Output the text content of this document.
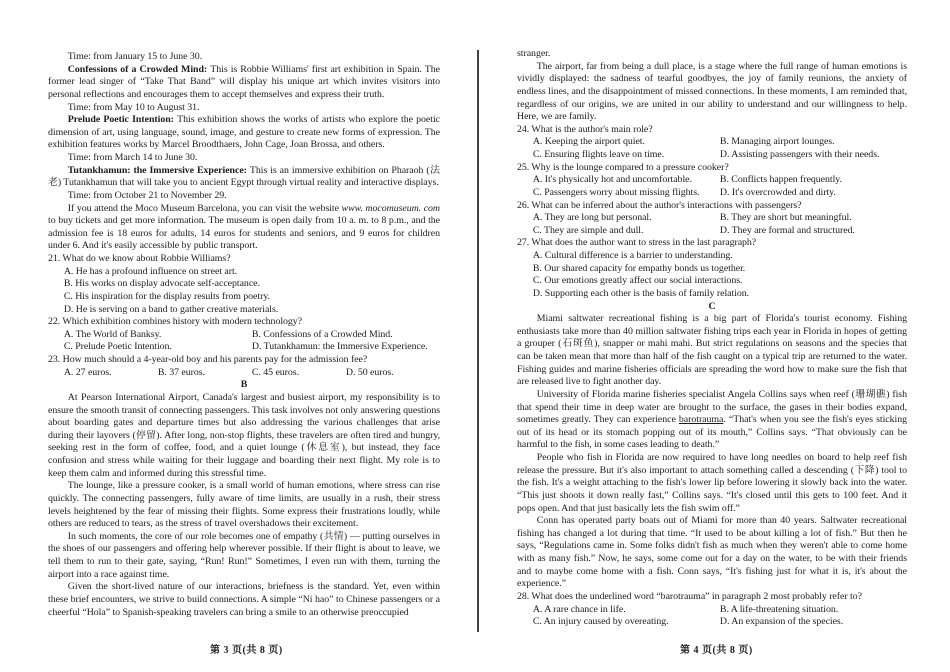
Time: from January 15 to June 30.

Confessions of a Crowded Mind: This is Robbie Williams' first art exhibition in Spain. The former lead singer of “Take That Band” will display his unique art which invites visitors into personal reflections and encourages them to accept themselves and express their truth.

Time: from May 10 to August 31.

Prelude Poetic Intention: This exhibition shows the works of artists who explore the poetic dimension of art, using language, sound, image, and gesture to create new forms of expression. The exhibition features works by Marcel Broodthaers, John Cage, Joan Brossa, and others.

Time: from March 14 to June 30.

Tutankhamun: the Immersive Experience: This is an immersive exhibition on Pharaoh (法老) Tutankhamun that will take you to ancient Egypt through virtual reality and interactive displays.

Time: from October 21 to November 29.

If you attend the Moco Museum Barcelona, you can visit the website www. mocomuseum. com to buy tickets and get more information. The museum is open daily from 10 a. m. to 8 p.m., and the admission fee is 18 euros for adults, 14 euros for students and seniors, and 9 euros for children under 6. And it's easily accessible by public transport.

21. What do we know about Robbie Williams?

A. He has a profound influence on street art.
B. His works on display advocate self-acceptance.
C. His inspiration for the display results from poetry.
D. He is serving on a band to gather creative materials.

22. Which exhibition combines history with modern technology?

A. The World of Banksy.	B. Confessions of a Crowded Mind.
C. Prelude Poetic Intention.	D. Tutankhamun: the Immersive Experience.

23. How much should a 4-year-old boy and his parents pay for the admission fee?

A. 27 euros.	B. 37 euros.	C. 45 euros.	D. 50 euros.

B

At Pearson International Airport, Canada's largest and busiest airport, my responsibility is to ensure the smooth transit of connecting passengers. This task involves not only answering questions about boarding gates and departure times but also addressing the various challenges that arise during their layovers (停留). After long, non-stop flights, these travelers are often tired and hungry, seeking rest in the form of coffee, food, and a quiet lounge (休息室), but instead, they face confusion and stress while waiting for their luggage and boarding their next flight. My role is to keep them calm and informed during this stressful time.

The lounge, like a pressure cooker, is a small world of human emotions, where stress can rise quickly. The connecting passengers, fully aware of time limits, are usually in a rush, their stress levels heightened by the fear of missing their flights. Some express their frustrations loudly, while others are reduced to tears, as the stress of travel overshadows their excitement.

In such moments, the core of our role becomes one of empathy (共情) — putting ourselves in the shoes of our passengers and offering help wherever possible. If their flight is about to leave, we tell them to run to their gate, saying, “Run! Run!” Sometimes, I even run with them, turning the airport into a race against time.

Given the short-lived nature of our interactions, briefness is the standard. Yet, even within these brief encounters, we strive to build connections. A simple “Ni hao” to Chinese passengers or a cheerful “Hola” to Spanish-speaking travelers can bring a smile to an otherwise preoccupied

stranger.

The airport, far from being a dull place, is a stage where the full range of human emotions is vividly displayed: the sadness of tearful goodbyes, the joy of family reunions, the anxiety of endless lines, and the disappointment of missed connections. In these moments, I am reminded that, regardless of our origins, we are united in our ability to understand and our willingness to help. Here, we are family.

24. What is the author's main role?

A. Keeping the airport quiet.	B. Managing airport lounges.
C. Ensuring flights leave on time.	D. Assisting passengers with their needs.

25. Why is the lounge compared to a pressure cooker?

A. It's physically hot and uncomfortable.	B. Conflicts happen frequently.
C. Passengers worry about missing flights.	D. It's overcrowded and dirty.

26. What can be inferred about the author's interactions with passengers?

A. They are long but personal.	B. They are short but meaningful.
C. They are simple and dull.	D. They are formal and structured.

27. What does the author want to stress in the last paragraph?

A. Cultural difference is a barrier to understanding.
B. Our shared capacity for empathy bonds us together.
C. Our emotions greatly affect our social interactions.
D. Supporting each other is the basis of family relation.

C

Miami saltwater recreational fishing is a big part of Florida's tourist economy. Fishing enthusiasts take more than 40 million saltwater fishing trips each year in Florida in hopes of getting a grouper (石斑鱼), snapper or mahi mahi. But strict regulations on seasons and the species that can be taken mean that more than half of the fish caught on a typical trip are returned to the water. Fishing guides and marine fisheries officials are spreading the word how to make sure the fish that are released live to fight another day.

University of Florida marine fisheries specialist Angela Collins says when reef (珊瑚礁) fish that spend their time in deep water are brought to the surface, the gases in their bodies expand, sometimes greatly. They can experience barotrauma. “That's when you see the fish's eyes sticking out of its head or its stomach popping out of its mouth,” Collins says. “That obviously can be harmful to the fish, in some cases leading to death.”

People who fish in Florida are now required to have long needles on board to help reef fish release the pressure. But it's also important to attach something called a descending (下降) tool to the fish. It's a weight attaching to the fish's lower lip before lowering it slowly back into the water. “This just shoots it down really fast,” Collins says. “It's closed until this gets to 100 feet. And it pops open. And that just basically lets the fish swim off.”

Conn has operated party boats out of Miami for more than 40 years. Saltwater recreational fishing has changed a lot during that time. “It used to be about killing a lot of fish.” But then he says, “Regulations came in. Some folks didn't fish as much when they weren't able to come home with as many fish.” Now, he says, some come out for a day on the water, to be with their friends and to maybe come home with a fish. Conn says, “It's fishing just for what it is, it's about the experience.”

28. What does the underlined word “barotrauma” in paragraph 2 most probably refer to?

A. A rare chance in life.	B. A life-threatening situation.
C. An injury caused by overeating.	D. An expansion of the species.
第 3 页(共 8 页)	第 4 页(共 8 页)
